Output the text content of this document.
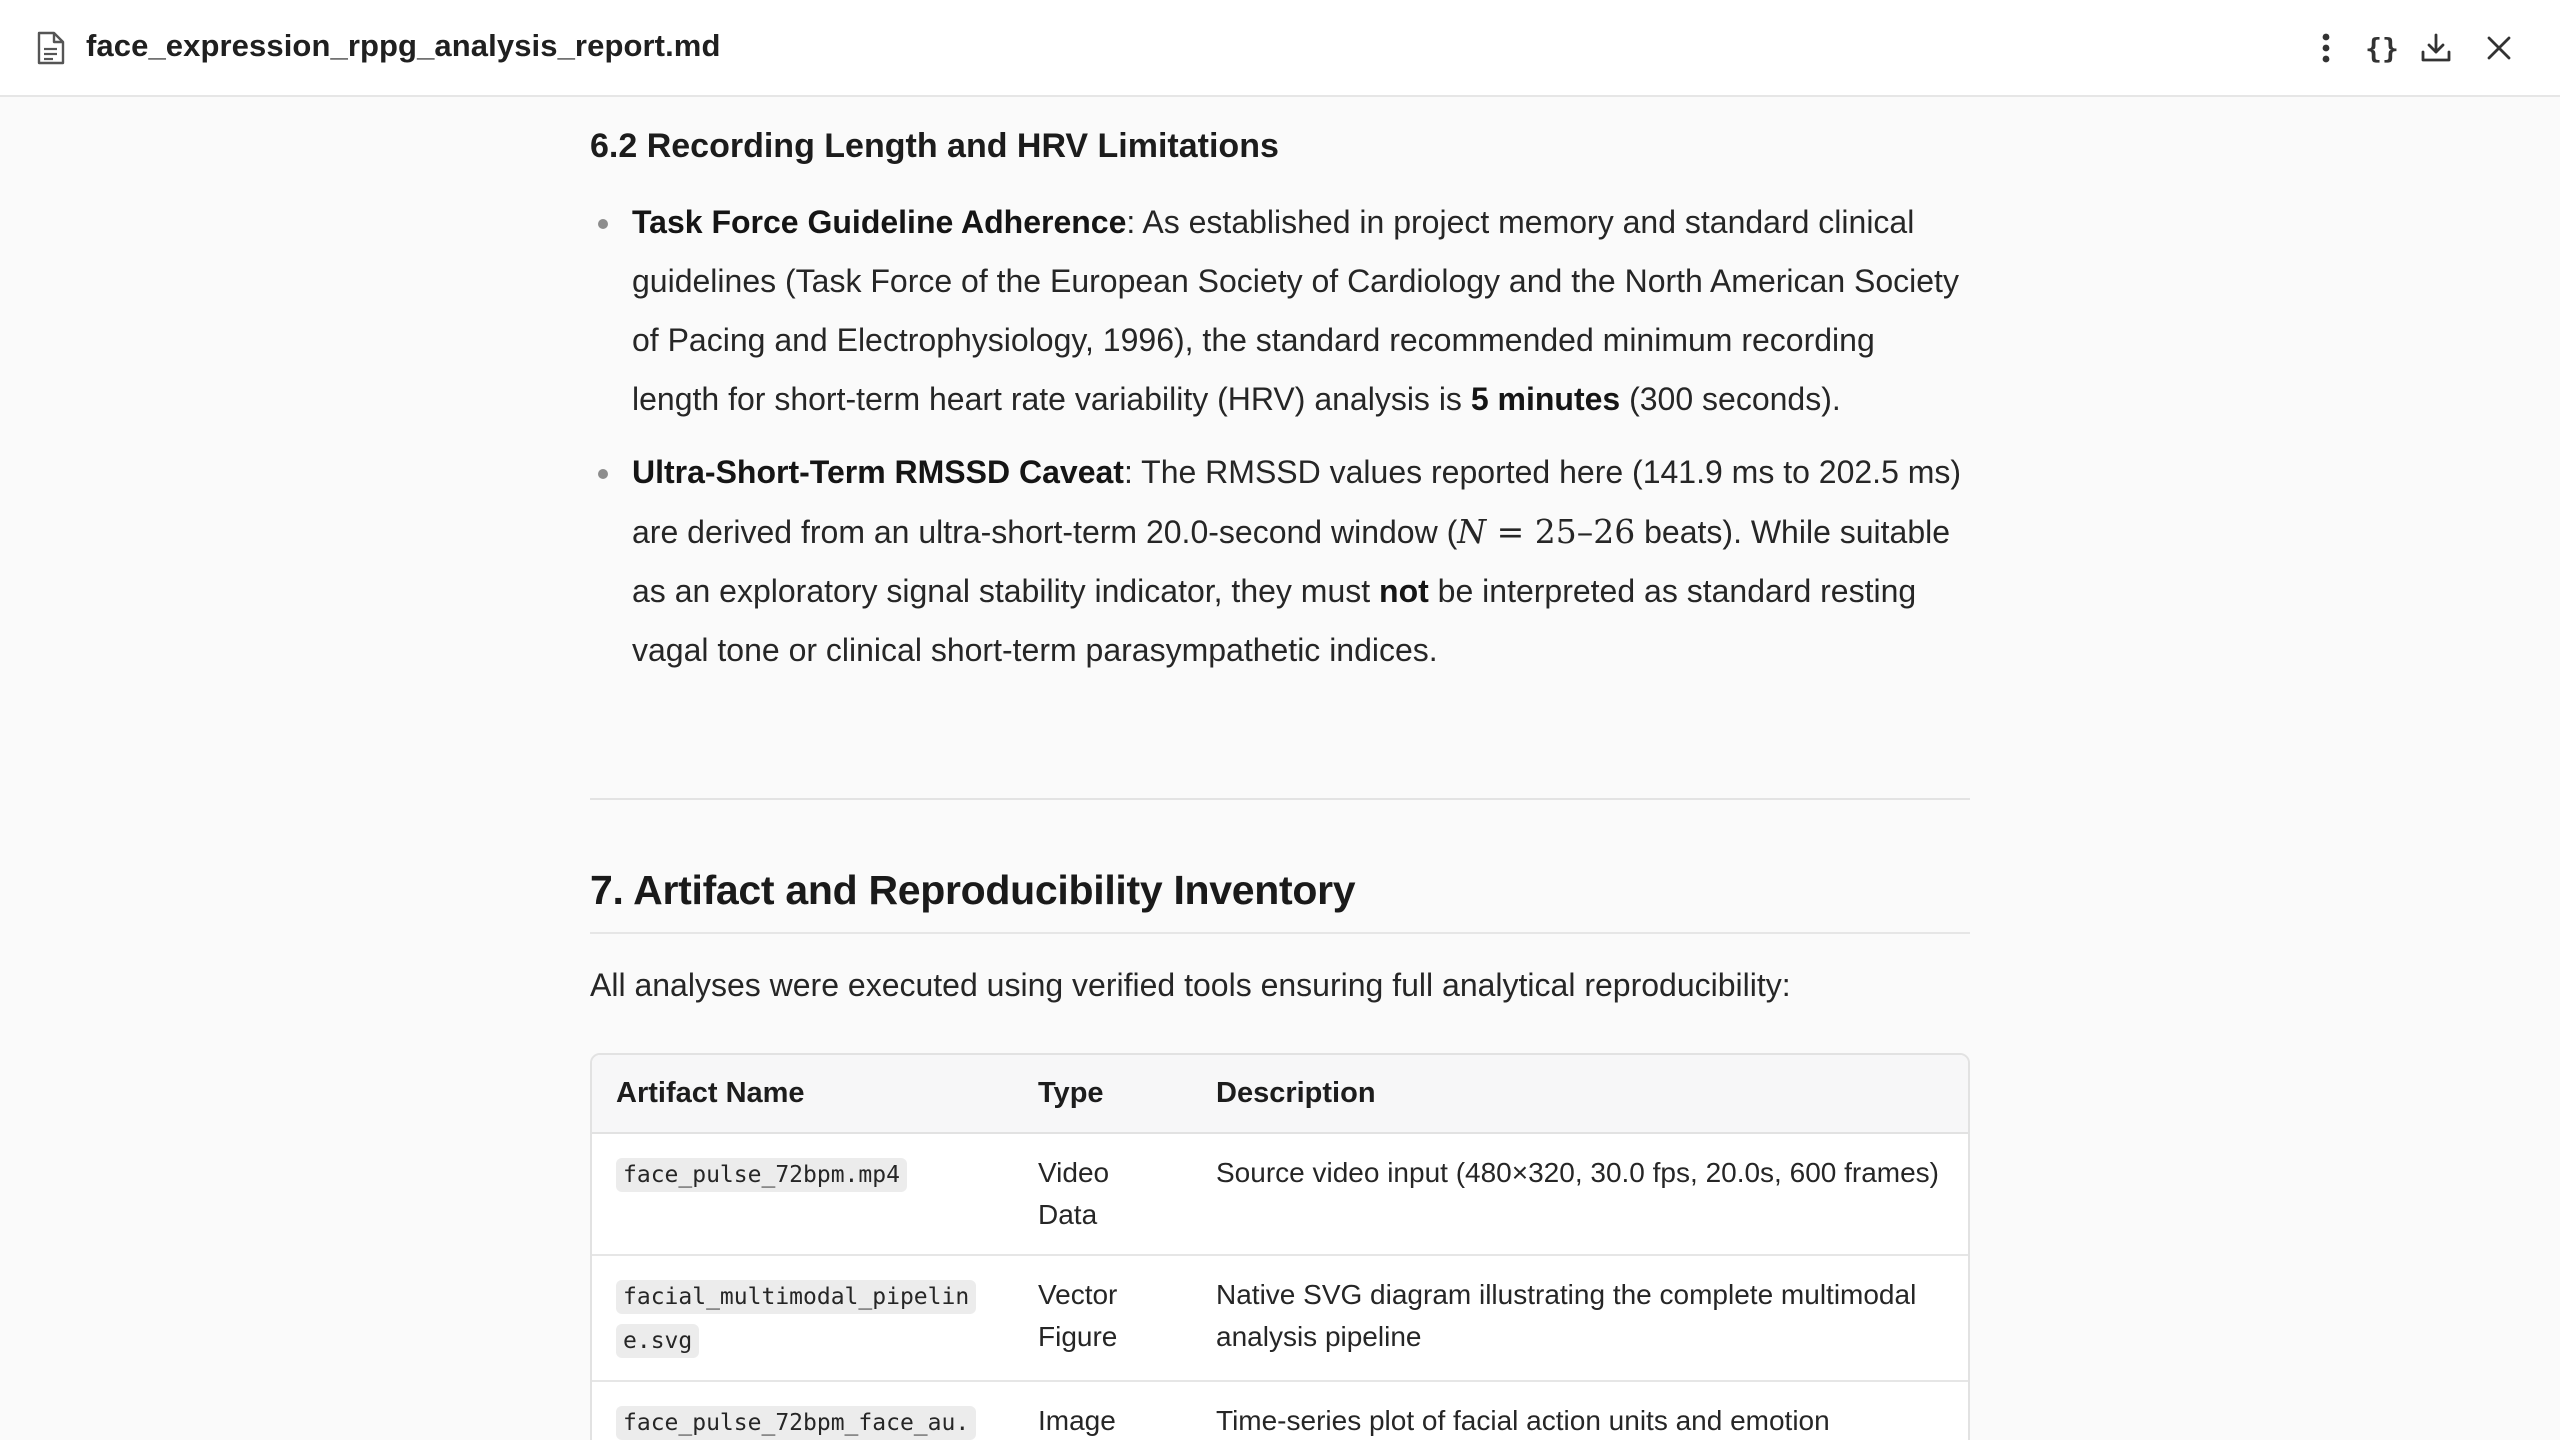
face_expression_rppg_analysis_report.md	{}
6.2 Recording Length and HRV Limitations
Task Force Guideline Adherence: As established in project memory and standard clinical guidelines (Task Force of the European Society of Cardiology and the North American Society of Pacing and Electrophysiology, 1996), the standard recommended minimum recording length for short-term heart rate variability (HRV) analysis is 5 minutes (300 seconds).
Ultra-Short-Term RMSSD Caveat: The RMSSD values reported here (141.9 ms to 202.5 ms) are derived from an ultra-short-term 20.0-second window (N = 25–26 beats). While suitable as an exploratory signal stability indicator, they must not be interpreted as standard resting vagal tone or clinical short-term parasympathetic indices.
7. Artifact and Reproducibility Inventory

All analyses were executed using verified tools ensuring full analytical reproducibility:

Artifact Name	Type	Description
face_pulse_72bpm.mp4	Video Data	Source video input (480×320, 30.0 fps, 20.0s, 600 frames)
facial_multimodal_pipeline.svg	Vector Figure	Native SVG diagram illustrating the complete multimodal analysis pipeline
face_pulse_72bpm_face_au.	Image	Time-series plot of facial action units and emotion
